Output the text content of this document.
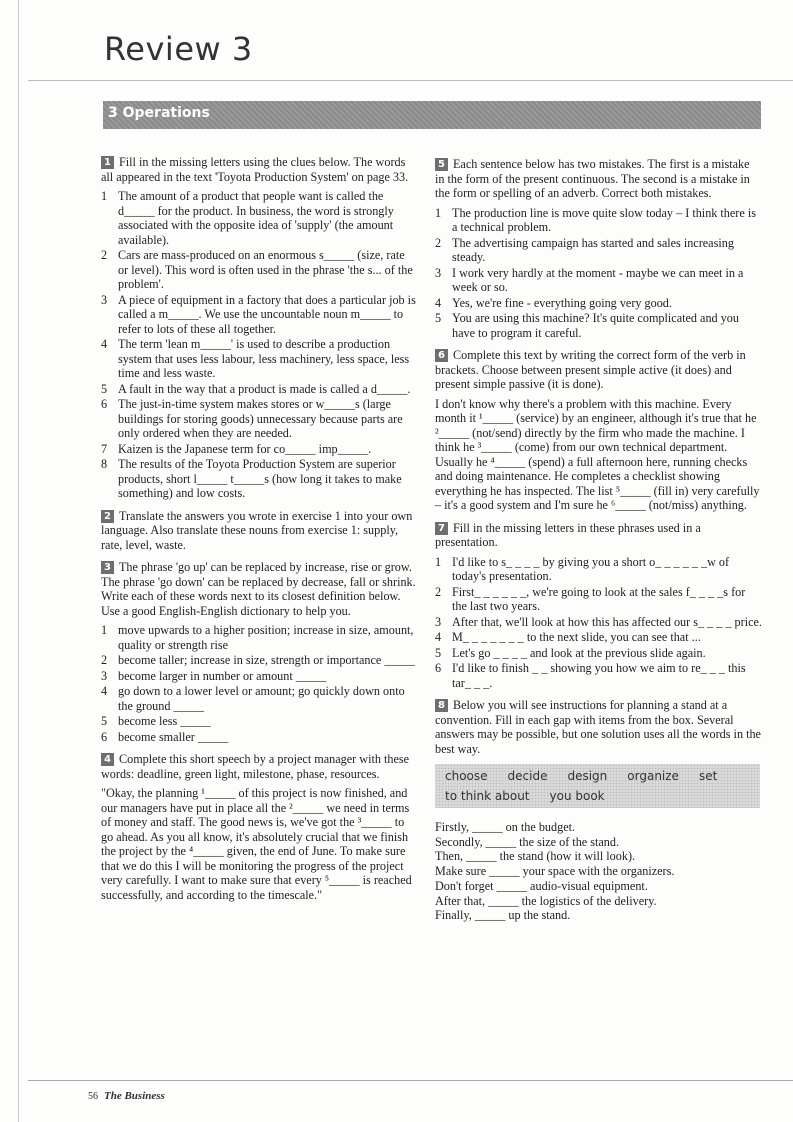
Review 3
3 Operations

1 Fill in the missing letters using the clues below. The words all appeared in the text 'Toyota Production System' on page 33.

1 The amount of a product that people want is called the d_____ for the product. In business, the word is strongly associated with the opposite idea of 'supply' (the amount available).
2 Cars are mass-produced on an enormous s_____ (size, rate or level). This word is often used in the phrase 'the s... of the problem'.
3 A piece of equipment in a factory that does a particular job is called a m_____. We use the uncountable noun m_____ to refer to lots of these all together.
4 The term 'lean m_____' is used to describe a production system that uses less labour, less machinery, less space, less time and less waste.
5 A fault in the way that a product is made is called a d_____.
6 The just-in-time system makes stores or w_____s (large buildings for storing goods) unnecessary because parts are only ordered when they are needed.
7 Kaizen is the Japanese term for co_____ imp_____.
8 The results of the Toyota Production System are superior products, short l_____ t_____s (how long it takes to make something) and low costs.

2 Translate the answers you wrote in exercise 1 into your own language. Also translate these nouns from exercise 1: supply, rate, level, waste.

3 The phrase 'go up' can be replaced by increase, rise or grow. The phrase 'go down' can be replaced by decrease, fall or shrink. Write each of these words next to its closest definition below. Use a good English-English dictionary to help you.

1 move upwards to a higher position; increase in size, amount, quality or strength rise
2 become taller; increase in size, strength or importance _____
3 become larger in number or amount _____
4 go down to a lower level or amount; go quickly down onto the ground _____
5 become less _____
6 become smaller _____

4 Complete this short speech by a project manager with these words: deadline, green light, milestone, phase, resources.

"Okay, the planning ¹_____ of this project is now finished, and our managers have put in place all the ²_____ we need in terms of money and staff. The good news is, we've got the ³_____ to go ahead. As you all know, it's absolutely crucial that we finish the project by the ⁴_____ given, the end of June. To make sure that we do this I will be monitoring the progress of the project very carefully. I want to make sure that every ⁵_____ is reached successfully, and according to the timescale."

5 Each sentence below has two mistakes. The first is a mistake in the form of the present continuous. The second is a mistake in the form or spelling of an adverb. Correct both mistakes.

1 The production line is move quite slow today – I think there is a technical problem.
2 The advertising campaign has started and sales increasing steady.
3 I work very hardly at the moment - maybe we can meet in a week or so.
4 Yes, we're fine - everything going very good.
5 You are using this machine? It's quite complicated and you have to program it careful.

6 Complete this text by writing the correct form of the verb in brackets. Choose between present simple active (it does) and present simple passive (it is done).

I don't know why there's a problem with this machine. Every month it ¹_____ (service) by an engineer, although it's true that he ²_____ (not/send) directly by the firm who made the machine. I think he ³_____ (come) from our own technical department. Usually he ⁴_____ (spend) a full afternoon here, running checks and doing maintenance. He completes a checklist showing everything he has inspected. The list ⁵_____ (fill in) very carefully – it's a good system and I'm sure he ⁶_____ (not/miss) anything.

7 Fill in the missing letters in these phrases used in a presentation.

1 I'd like to s_ _ _ _ by giving you a short o_ _ _ _ _ _w of today's presentation.
2 First_ _ _ _ _ _, we're going to look at the sales f_ _ _ _s for the last two years.
3 After that, we'll look at how this has affected our s_ _ _ _ price.
4 M_ _ _ _ _ _ _ to the next slide, you can see that ...
5 Let's go _ _ _ _ and look at the previous slide again.
6 I'd like to finish _ _ showing you how we aim to re_ _ _ this tar_ _ _.

8 Below you will see instructions for planning a stand at a convention. Fill in each gap with items from the box. Several answers may be possible, but one solution uses all the words in the best way.

choose decide design organize set
to think about you book

Firstly, _____ on the budget.

Secondly, _____ the size of the stand.

Then, _____ the stand (how it will look).

Make sure _____ your space with the organizers.

Don't forget _____ audio-visual equipment.

After that, _____ the logistics of the delivery.

Finally, _____ up the stand.

56 The Business
